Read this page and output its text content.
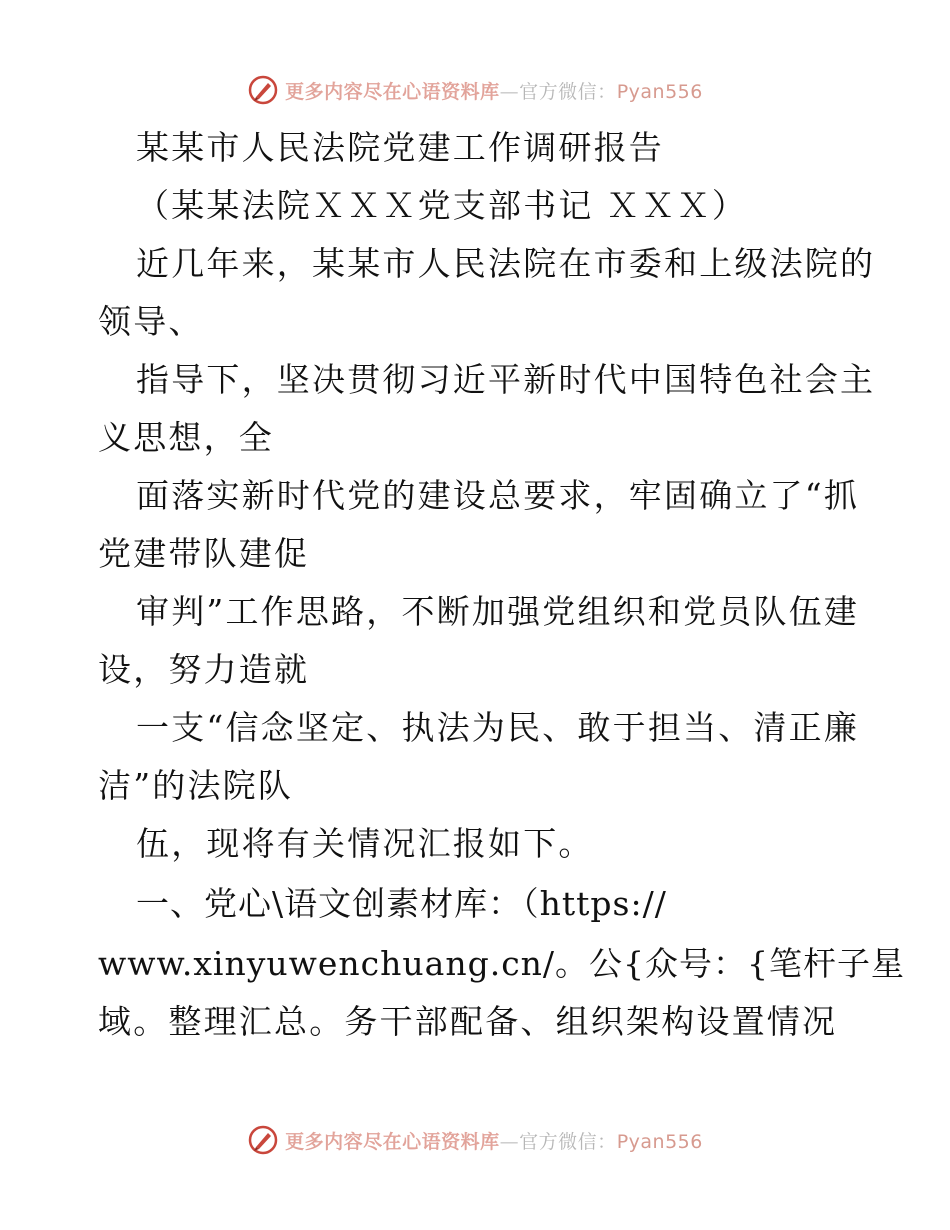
更多内容尽在心语资料库—官方微信：Pyan556
某某市人民法院党建工作调研报告
（某某法院ＸＸＸ党支部书记 ＸＸＸ）
近几年来，某某市人民法院在市委和上级法院的
领导、
指导下，坚决贯彻习近平新时代中国特色社会主
义思想，全
面落实新时代党的建设总要求，牢固确立了“抓
党建带队建促
审判”工作思路，不断加强党组织和党员队伍建
设，努力造就
一支“信念坚定、执法为民、敢于担当、清正廉
洁”的法院队
伍，现将有关情况汇报如下。
一、党心\语文创素材库：（https://
www.xinyuwenchuang.cn/。公{众号：{笔杆子星
域。整理汇总。务干部配备、组织架构设置情况
更多内容尽在心语资料库—官方微信：Pyan556
